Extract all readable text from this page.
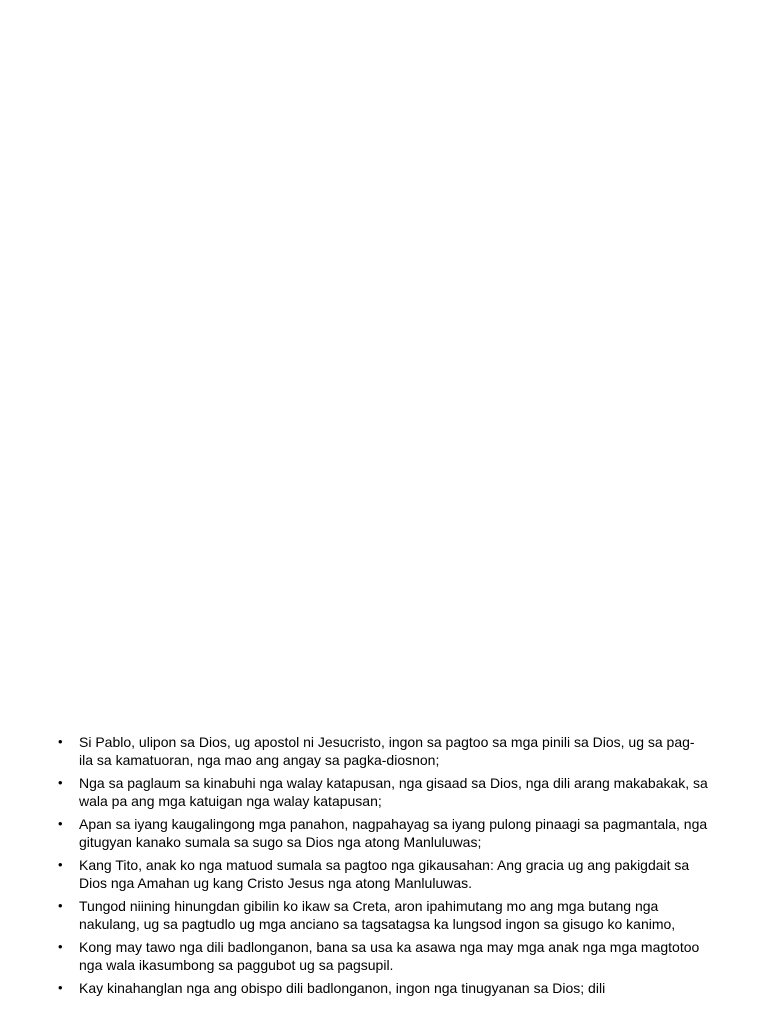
•	Si Pablo, ulipon sa Dios, ug apostol ni Jesucristo, ingon sa pagtoo sa mga pinili sa Dios, ug sa pag-ila sa kamatuoran, nga mao ang angay sa pagka-diosnon;
•	Nga sa paglaum sa kinabuhi nga walay katapusan, nga gisaad sa Dios, nga dili arang makabakak, sa wala pa ang mga katuigan nga walay katapusan;
•	Apan sa iyang kaugalingong mga panahon, nagpahayag sa iyang pulong pinaagi sa pagmantala, nga gitugyan kanako sumala sa sugo sa Dios nga atong Manluluwas;
•	Kang Tito, anak ko nga matuod sumala sa pagtoo nga gikausahan: Ang gracia ug ang pakigdait sa Dios nga Amahan ug kang Cristo Jesus nga atong Manluluwas.
•	Tungod niining hinungdan gibilin ko ikaw sa Creta, aron ipahimutang mo ang mga butang nga nakulang, ug sa pagtudlo ug mga anciano sa tagsatagsa ka lungsod ingon sa gisugo ko kanimo,
•	Kong may tawo nga dili badlonganon, bana sa usa ka asawa nga may mga anak nga mga magtotoo nga wala ikasumbong sa paggubot ug sa pagsupil.
•	Kay kinahanglan nga ang obispo dili badlonganon, ingon nga tinugyanan sa Dios; dili
